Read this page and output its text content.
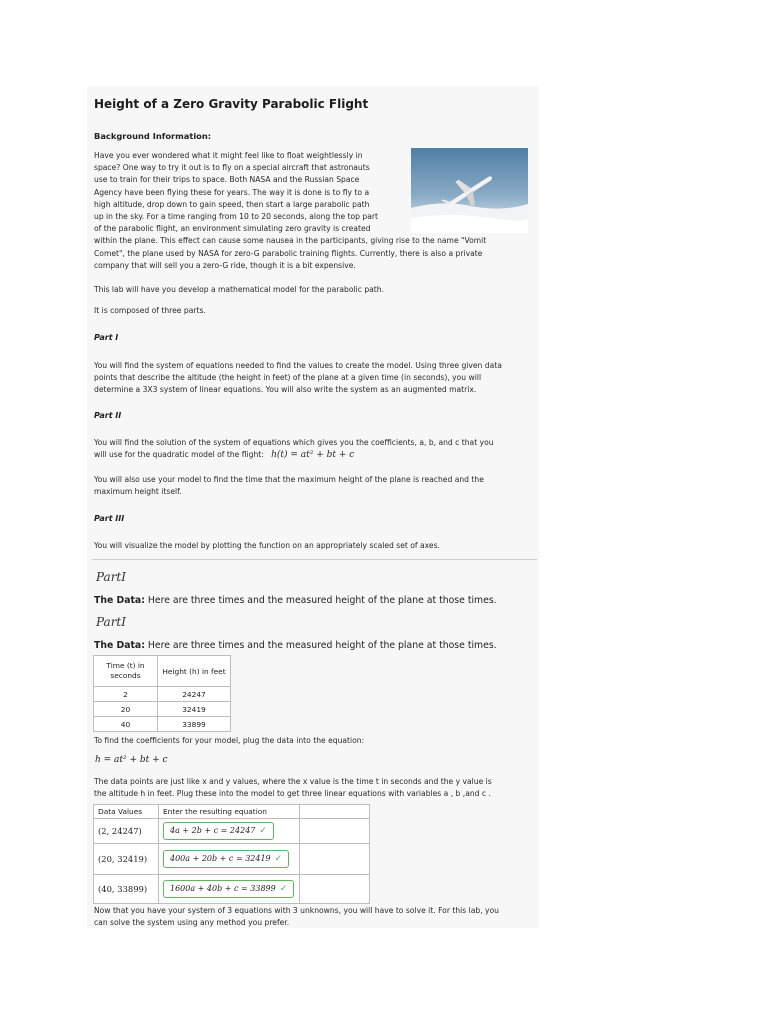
Height of a Zero Gravity Parabolic Flight
Background Information:
Have you ever wondered what it might feel like to float weightlessly in
space? One way to try it out is to fly on a special aircraft that astronauts
use to train for their trips to space. Both NASA and the Russian Space
Agency have been flying these for years. The way it is done is to fly to a
high altitude, drop down to gain speed, then start a large parabolic path
up in the sky. For a time ranging from 10 to 20 seconds, along the top part
of the parabolic flight, an environment simulating zero gravity is created
within the plane. This effect can cause some nausea in the participants, giving rise to the name "Vomit
Comet", the plane used by NASA for zero-G parabolic training flights. Currently, there is also a private
company that will sell you a zero-G ride, though it is a bit expensive.
This lab will have you develop a mathematical model for the parabolic path.
It is composed of three parts.
Part I
You will find the system of equations needed to find the values to create the model. Using three given data
points that describe the altitude (the height in feet) of the plane at a given time (in seconds), you will
determine a 3X3 system of linear equations. You will also write the system as an augmented matrix.
Part II
You will find the solution of the system of equations which gives you the coefficients, a, b, and c that you
will use for the quadratic model of the flight: h(t) = at² + bt + c
You will also use your model to find the time that the maximum height of the plane is reached and the
maximum height itself.
Part III
You will visualize the model by plotting the function on an appropriately scaled set of axes.
PartI
The Data: Here are three times and the measured height of the plane at those times.
PartI
The Data: Here are three times and the measured height of the plane at those times.
Time (t) in
seconds	Height (h) in feet
2	24247
20	32419
40	33899
To find the coefficients for your model, plug the data into the equation:
h = at² + bt + c
The data points are just like x and y values, where the x value is the time t in seconds and the y value is
the altitude h in feet. Plug these into the model to get three linear equations with variables a , b ,and c .
Data Values	Enter the resulting equation	
(2, 24247)	4a + 2b + c = 24247 ✓	
(20, 32419)	400a + 20b + c = 32419 ✓	
(40, 33899)	1600a + 40b + c = 33899 ✓	
Now that you have your system of 3 equations with 3 unknowns, you will have to solve it. For this lab, you
can solve the system using any method you prefer.
